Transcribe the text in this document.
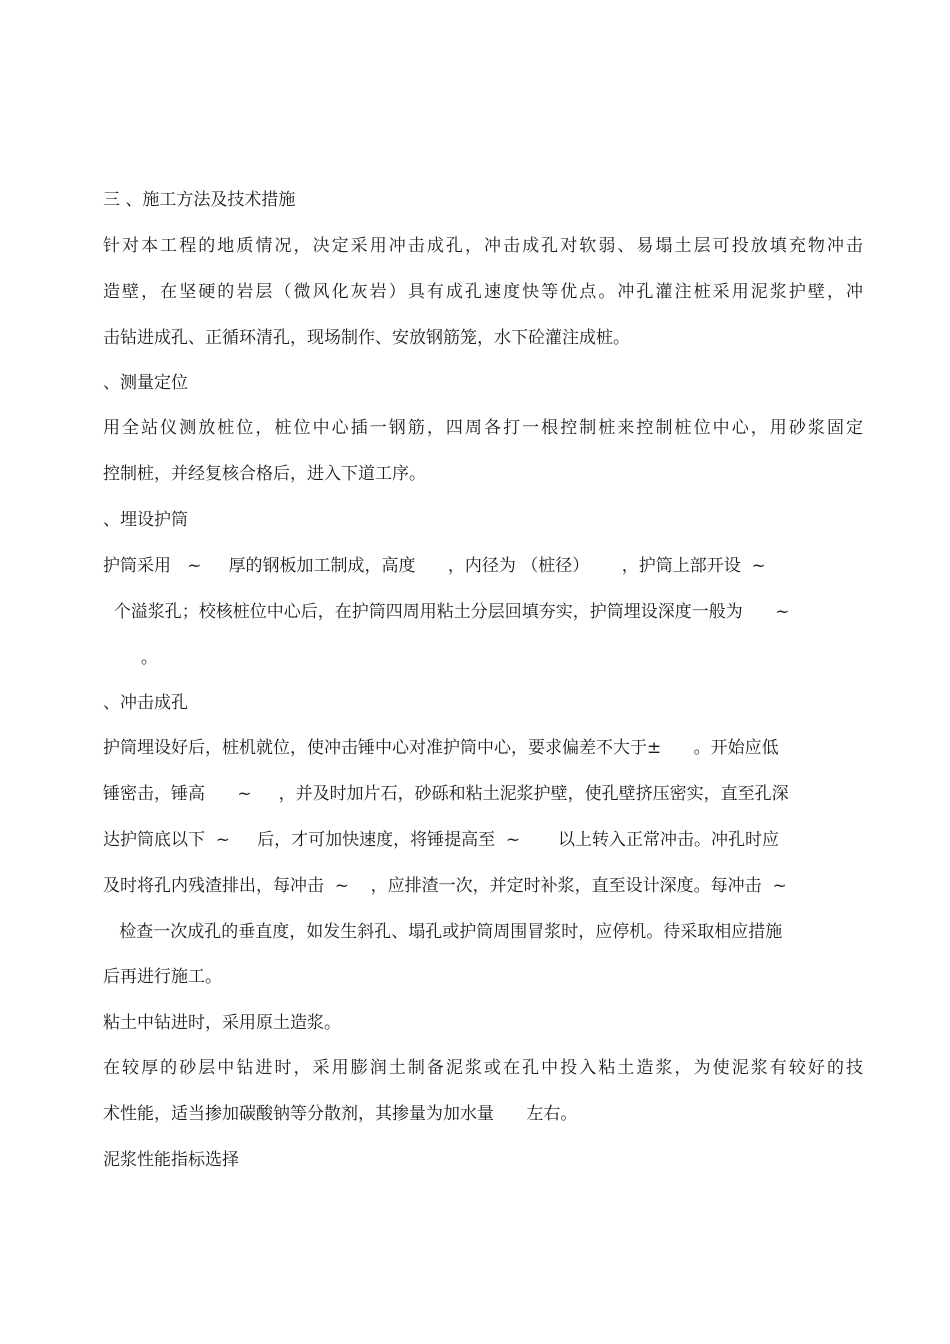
三 、施工方法及技术措施
针对本工程的地质情况，决定采用冲击成孔，冲击成孔对软弱、易塌土层可投放填充物冲击
造壁，在坚硬的岩层（微风化灰岩）具有成孔速度快等优点。冲孔灌注桩采用泥浆护壁，冲
击钻进成孔、正循环清孔，现场制作、安放钢筋笼，水下砼灌注成桩。
、测量定位
用全站仪测放桩位，桩位中心插一钢筋，四周各打一根控制桩来控制桩位中心，用砂浆固定
控制桩，并经复核合格后，进入下道工序。
、埋设护筒
护筒采用   ~     厚的钢板加工制成，高度      ，内径为 （桩径）      ，护筒上部开设  ~
个溢浆孔；校核桩位中心后，在护筒四周用粘土分层回填夯实，护筒埋设深度一般为      ~
。
、冲击成孔
护筒埋设好后，桩机就位，使冲击锤中心对准护筒中心，要求偏差不大于±      。开始应低
锤密击，锤高      ~     ，并及时加片石，砂砾和粘土泥浆护壁，使孔壁挤压密实，直至孔深
达护筒底以下  ~     后，才可加快速度，将锤提高至  ~       以上转入正常冲击。冲孔时应
及时将孔内残渣排出，每冲击  ~    ，应排渣一次，并定时补浆，直至设计深度。每冲击  ~
检查一次成孔的垂直度，如发生斜孔、塌孔或护筒周围冒浆时，应停机。待采取相应措施
后再进行施工。
粘土中钻进时，采用原土造浆。
在较厚的砂层中钻进时，采用膨润土制备泥浆或在孔中投入粘土造浆，为使泥浆有较好的技
术性能，适当掺加碳酸钠等分散剂，其掺量为加水量      左右。
泥浆性能指标选择
